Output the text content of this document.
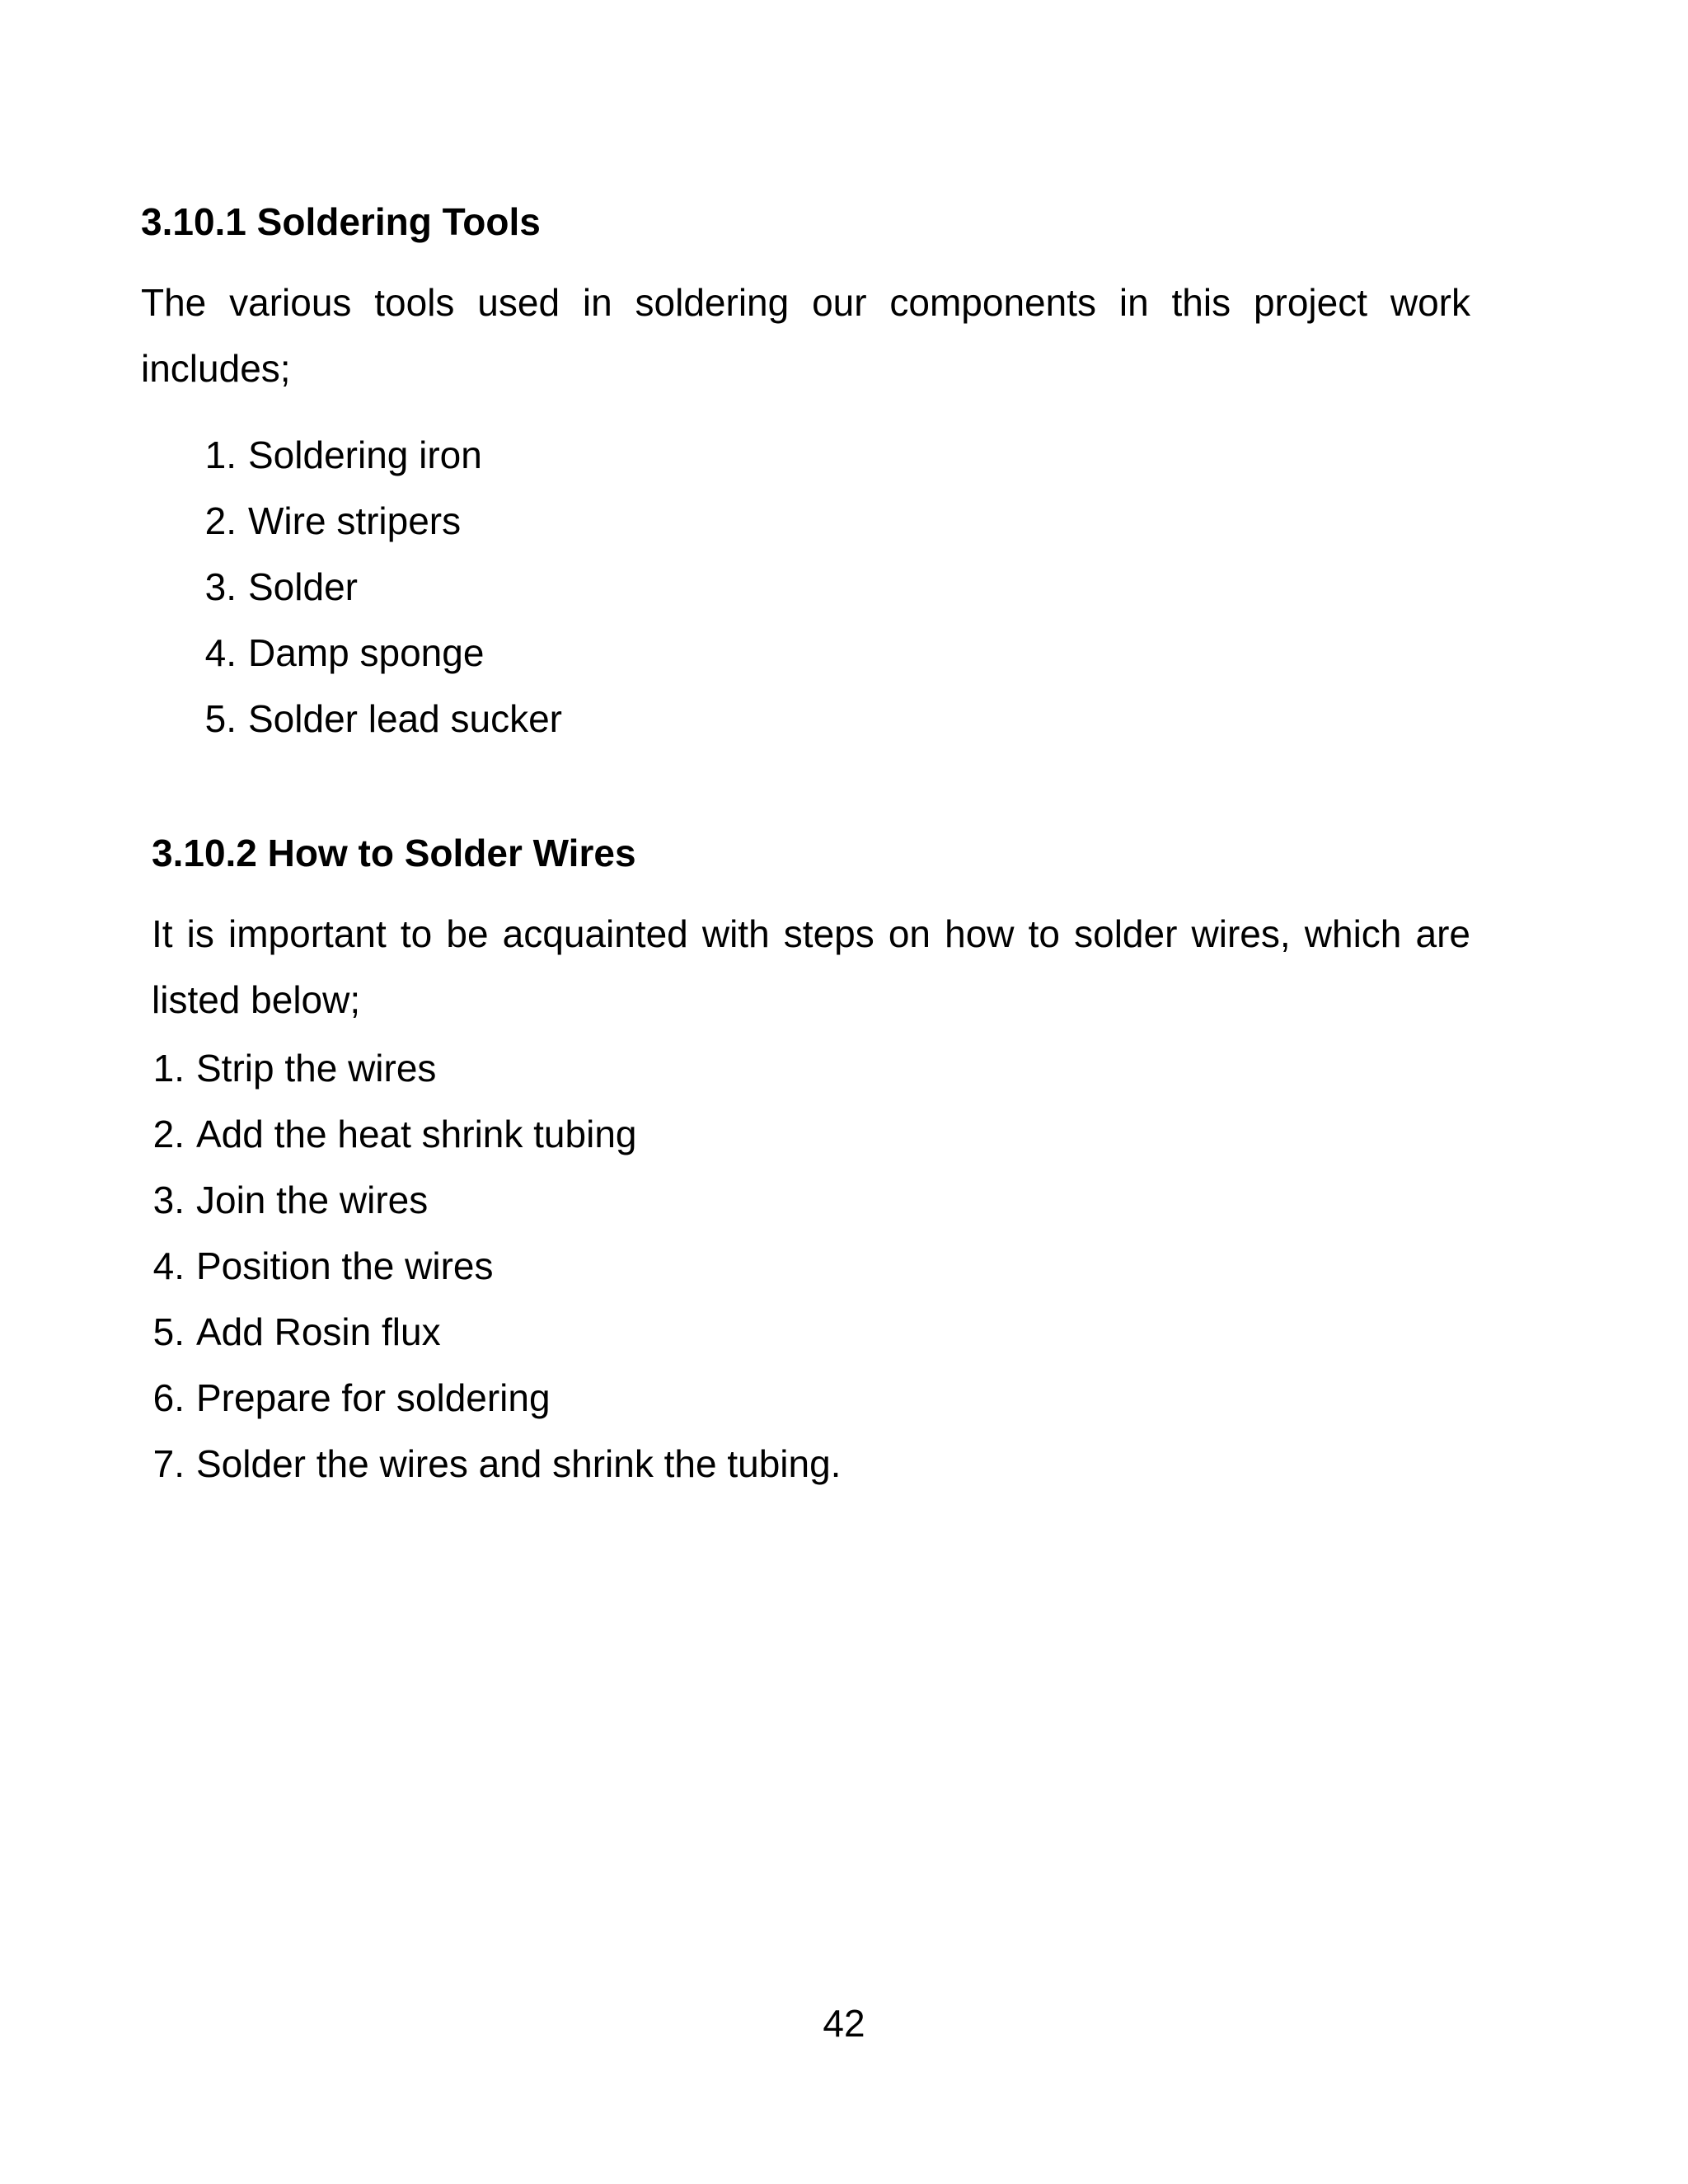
3.10.1 Soldering Tools

The various tools used in soldering our components in this project work includes;

1. Soldering iron
2. Wire stripers
3. Solder
4. Damp sponge
5. Solder lead sucker
3.10.2 How to Solder Wires

It is important to be acquainted with steps on how to solder wires, which are listed below;

1. Strip the wires
2. Add the heat shrink tubing
3. Join the wires
4. Position the wires
5. Add Rosin flux
6. Prepare for soldering
7. Solder the wires and shrink the tubing.
42
